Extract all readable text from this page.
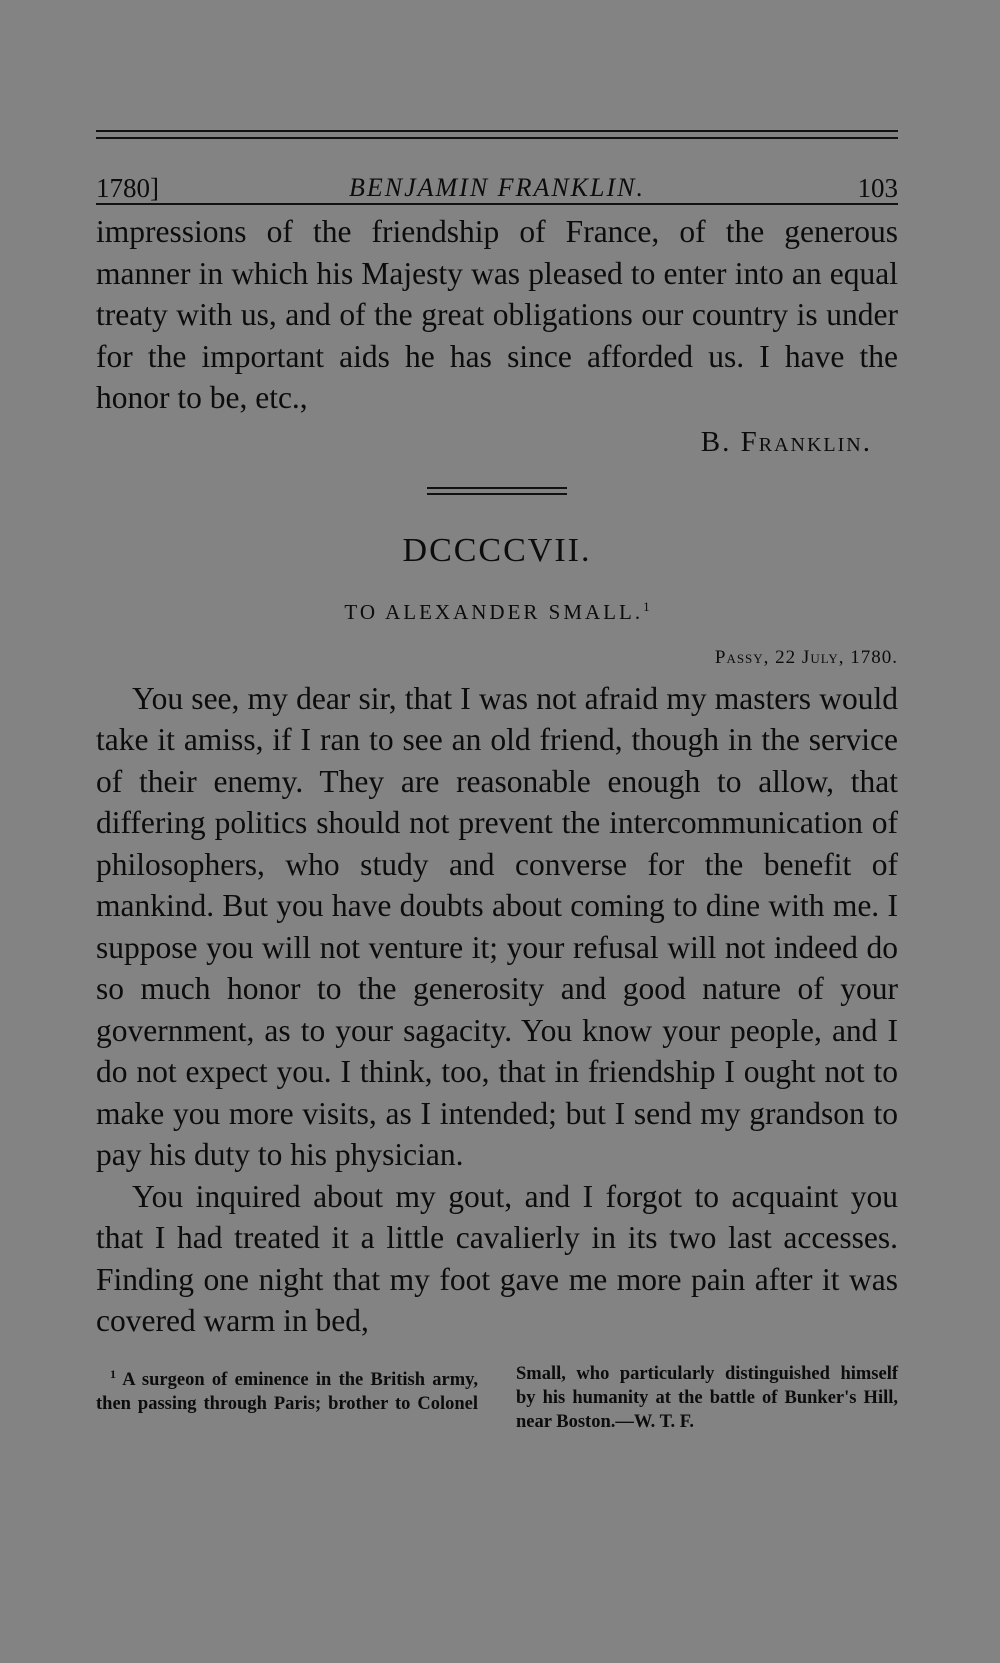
1780]	BENJAMIN FRANKLIN.	103

impressions of the friendship of France, of the generous manner in which his Majesty was pleased to enter into an equal treaty with us, and of the great obligations our country is under for the important aids he has since afforded us. I have the honor to be, etc.,

B. Franklin.

DCCCCVII.

TO ALEXANDER SMALL.$^1$

Passy, 22 July, 1780.

You see, my dear sir, that I was not afraid my masters would take it amiss, if I ran to see an old friend, though in the service of their enemy. They are reasonable enough to allow, that differing politics should not prevent the intercommunication of philosophers, who study and converse for the benefit of mankind. But you have doubts about coming to dine with me. I suppose you will not venture it; your refusal will not indeed do so much honor to the generosity and good nature of your government, as to your sagacity. You know your people, and I do not expect you. I think, too, that in friendship I ought not to make you more visits, as I intended; but I send my grandson to pay his duty to his physician.

You inquired about my gout, and I forgot to acquaint you that I had treated it a little cavalierly in its two last accesses. Finding one night that my foot gave me more pain after it was covered warm in bed,

$^1$ A surgeon of eminence in the British army, then passing through Paris; brother to Colonel Small, who particularly distinguished himself by his humanity at the battle of Bunker's Hill, near Boston.—W. T. F.
